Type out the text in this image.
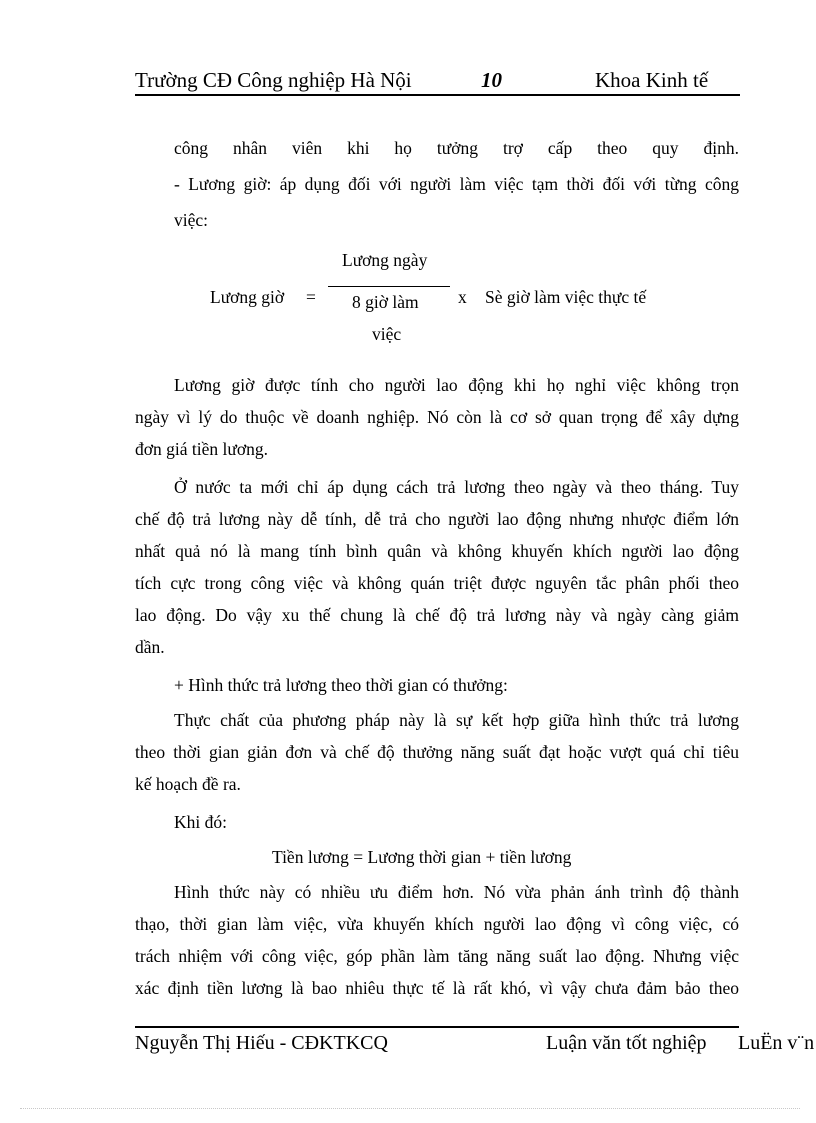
Trường CĐ Công nghiệp Hà Nội	10	Khoa Kinh tế
công nhân viên khi họ tưởng trợ cấp theo quy định.
- Lương giờ: áp dụng đối với người làm việc tạm thời đối với từng công
việc:
Lương giờ =
Lương ngày
8 giờ làm
việc
x Sè giờ làm việc thực tế
Lương giờ được tính cho người lao động khi họ nghỉ việc không trọn
ngày vì lý do thuộc về doanh nghiệp. Nó còn là cơ sở quan trọng để xây dựng
đơn giá tiền lương.
Ở nước ta mới chỉ áp dụng cách trả lương theo ngày và theo tháng. Tuy
chế độ trả lương này dễ tính, dễ trả cho người lao động nhưng nhược điểm lớn
nhất quả nó là mang tính bình quân và không khuyến khích người lao động
tích cực trong công việc và không quán triệt được nguyên tắc phân phối theo
lao động. Do vậy xu thế chung là chế độ trả lương này và ngày càng giảm
dần.
+ Hình thức trả lương theo thời gian có thưởng:
Thực chất của phương pháp này là sự kết hợp giữa hình thức trả lương
theo thời gian giản đơn và chế độ thưởng năng suất đạt hoặc vượt quá chỉ tiêu
kế hoạch đề ra.
Khi đó:
Tiền lương = Lương thời gian + tiền lương
Hình thức này có nhiều ưu điểm hơn. Nó vừa phản ánh trình độ thành
thạo, thời gian làm việc, vừa khuyến khích người lao động vì công việc, có
trách nhiệm với công việc, góp phần làm tăng năng suất lao động. Nhưng việc
xác định tiền lương là bao nhiêu thực tế là rất khó, vì vậy chưa đảm bảo theo
Nguyễn Thị Hiếu - CĐKTKCQ	Luận văn tốt nghiệp LuËn v¨n
